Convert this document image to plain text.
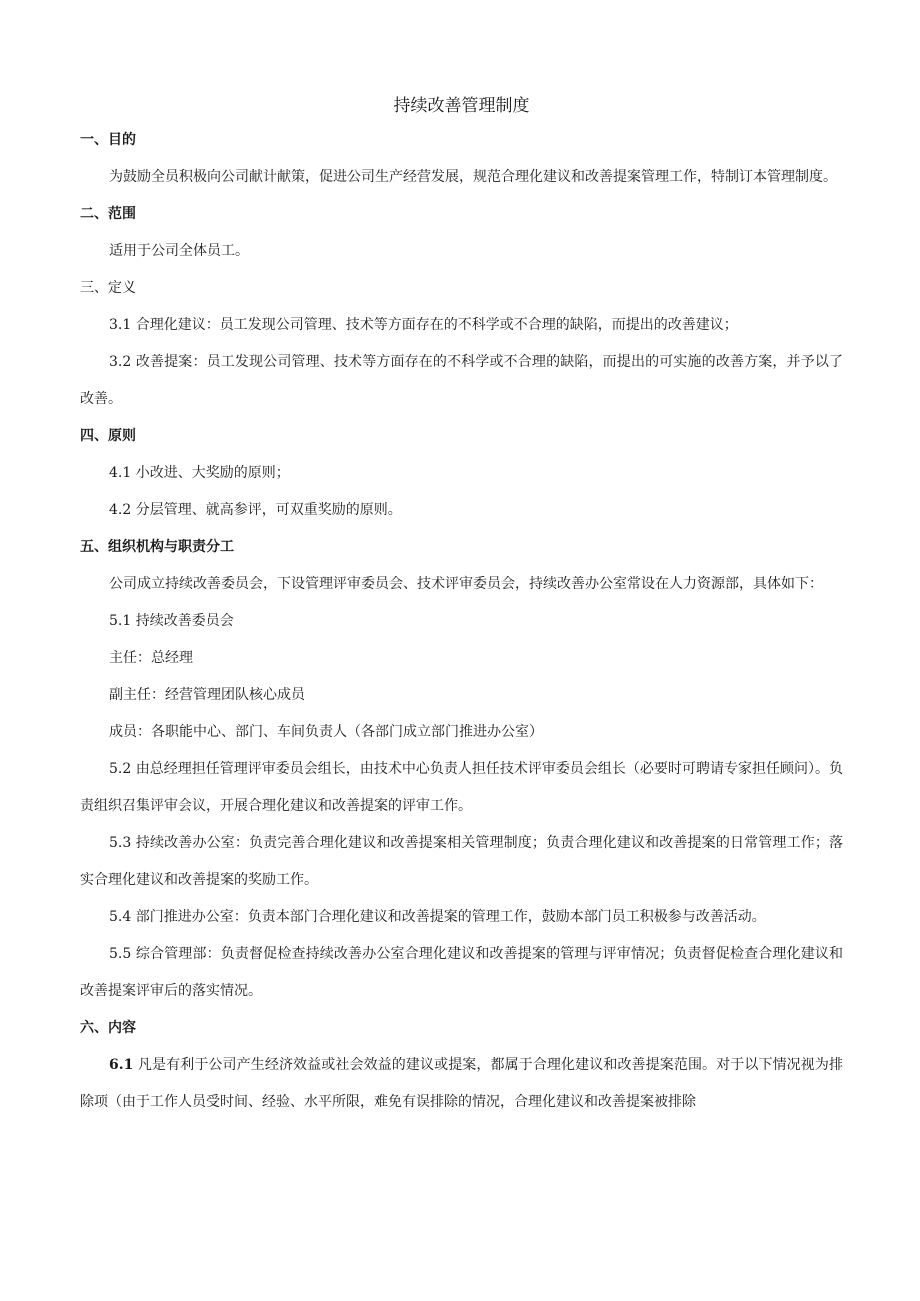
持续改善管理制度
一、目的

为鼓励全员积极向公司献计献策，促进公司生产经营发展，规范合理化建议和改善提案管理工作，特制订本管理制度。

二、范围

适用于公司全体员工。

三、定义

3.1 合理化建议：员工发现公司管理、技术等方面存在的不科学或不合理的缺陷，而提出的改善建议；

3.2 改善提案：员工发现公司管理、技术等方面存在的不科学或不合理的缺陷，而提出的可实施的改善方案，并予以了改善。

四、原则

4.1 小改进、大奖励的原则；

4.2 分层管理、就高参评，可双重奖励的原则。

五、组织机构与职责分工

公司成立持续改善委员会，下设管理评审委员会、技术评审委员会，持续改善办公室常设在人力资源部，具体如下：

5.1 持续改善委员会

主任：总经理

副主任：经营管理团队核心成员

成员：各职能中心、部门、车间负责人（各部门成立部门推进办公室）

5.2 由总经理担任管理评审委员会组长，由技术中心负责人担任技术评审委员会组长（必要时可聘请专家担任顾问）。负责组织召集评审会议，开展合理化建议和改善提案的评审工作。

5.3 持续改善办公室：负责完善合理化建议和改善提案相关管理制度；负责合理化建议和改善提案的日常管理工作；落实合理化建议和改善提案的奖励工作。

5.4 部门推进办公室：负责本部门合理化建议和改善提案的管理工作，鼓励本部门员工积极参与改善活动。

5.5 综合管理部：负责督促检查持续改善办公室合理化建议和改善提案的管理与评审情况；负责督促检查合理化建议和改善提案评审后的落实情况。

六、内容

6.1 凡是有利于公司产生经济效益或社会效益的建议或提案，都属于合理化建议和改善提案范围。对于以下情况视为排除项（由于工作人员受时间、经验、水平所限，难免有误排除的情况，合理化建议和改善提案被排除
